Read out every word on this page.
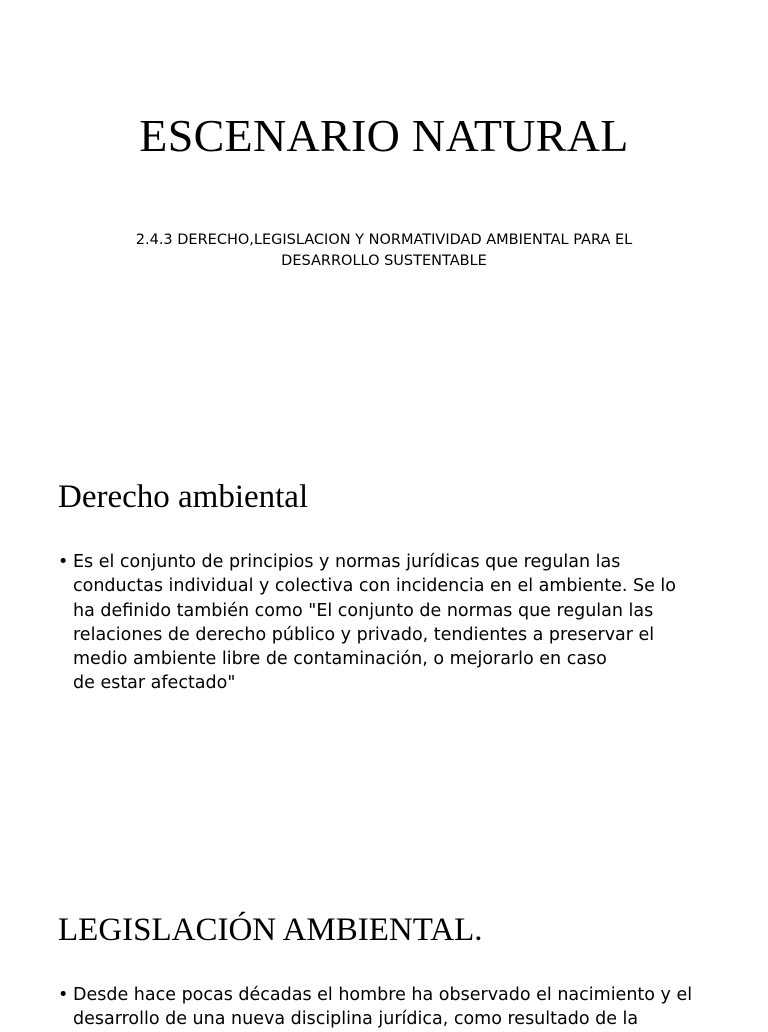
ESCENARIO NATURAL
2.4.3 DERECHO,LEGISLACION Y NORMATIVIDAD AMBIENTAL PARA EL
DESARROLLO SUSTENTABLE
Derecho ambiental
• Es el conjunto de principios y normas jurídicas que regulan las
conductas individual y colectiva con incidencia en el ambiente. Se lo
ha definido también como "El conjunto de normas que regulan las
relaciones de derecho público y privado, tendientes a preservar el
medio ambiente libre de contaminación, o mejorarlo en caso
de estar afectado"
LEGISLACIÓN AMBIENTAL.
• Desde hace pocas décadas el hombre ha observado el nacimiento y el
desarrollo de una nueva disciplina jurídica, como resultado de la
